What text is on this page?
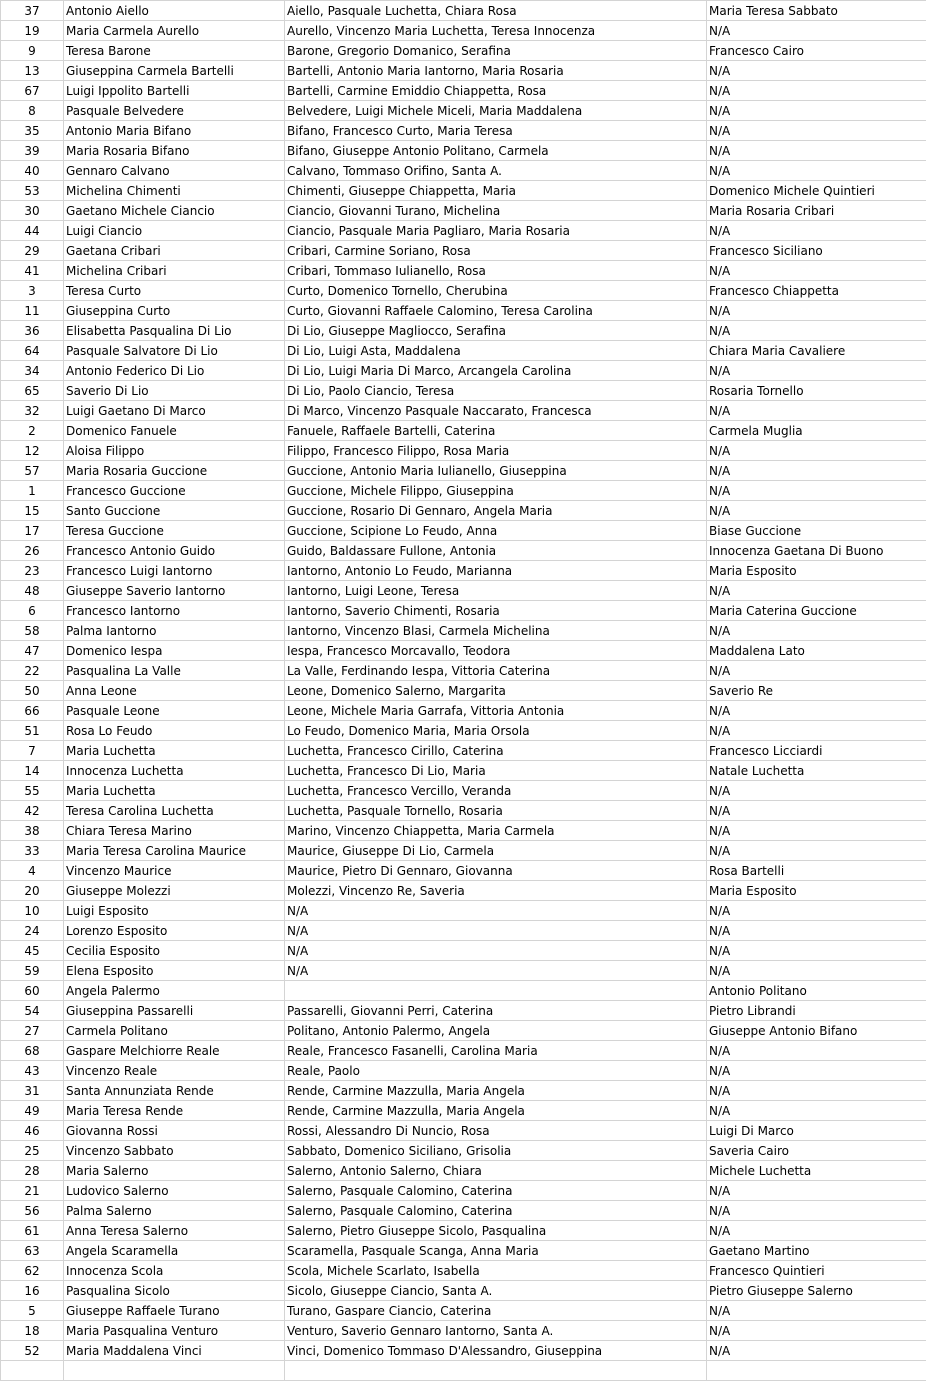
37	Antonio Aiello	Aiello, Pasquale Luchetta, Chiara Rosa	Maria Teresa Sabbato
19	Maria Carmela Aurello	Aurello, Vincenzo Maria Luchetta, Teresa Innocenza	N/A
9	Teresa Barone	Barone, Gregorio Domanico, Serafina	Francesco Cairo
13	Giuseppina Carmela Bartelli	Bartelli, Antonio Maria Iantorno, Maria Rosaria	N/A
67	Luigi Ippolito Bartelli	Bartelli, Carmine Emiddio Chiappetta, Rosa	N/A
8	Pasquale Belvedere	Belvedere, Luigi Michele Miceli, Maria Maddalena	N/A
35	Antonio Maria Bifano	Bifano, Francesco Curto, Maria Teresa	N/A
39	Maria Rosaria Bifano	Bifano, Giuseppe Antonio Politano, Carmela	N/A
40	Gennaro Calvano	Calvano, Tommaso Orifino, Santa A.	N/A
53	Michelina Chimenti	Chimenti, Giuseppe Chiappetta, Maria	Domenico Michele Quintieri
30	Gaetano Michele Ciancio	Ciancio, Giovanni Turano, Michelina	Maria Rosaria Cribari
44	Luigi Ciancio	Ciancio, Pasquale Maria Pagliaro, Maria Rosaria	N/A
29	Gaetana Cribari	Cribari, Carmine Soriano, Rosa	Francesco Siciliano
41	Michelina Cribari	Cribari, Tommaso Iulianello, Rosa	N/A
3	Teresa Curto	Curto, Domenico Tornello, Cherubina	Francesco Chiappetta
11	Giuseppina Curto	Curto, Giovanni Raffaele Calomino, Teresa Carolina	N/A
36	Elisabetta Pasqualina Di Lio	Di Lio, Giuseppe Magliocco, Serafina	N/A
64	Pasquale Salvatore Di Lio	Di Lio, Luigi Asta, Maddalena	Chiara Maria Cavaliere
34	Antonio Federico Di Lio	Di Lio, Luigi Maria Di Marco, Arcangela Carolina	N/A
65	Saverio Di Lio	Di Lio, Paolo Ciancio, Teresa	Rosaria Tornello
32	Luigi Gaetano Di Marco	Di Marco, Vincenzo Pasquale Naccarato, Francesca	N/A
2	Domenico Fanuele	Fanuele, Raffaele Bartelli, Caterina	Carmela Muglia
12	Aloisa Filippo	Filippo, Francesco Filippo, Rosa Maria	N/A
57	Maria Rosaria Guccione	Guccione, Antonio Maria Iulianello, Giuseppina	N/A
1	Francesco Guccione	Guccione, Michele Filippo, Giuseppina	N/A
15	Santo Guccione	Guccione, Rosario Di Gennaro, Angela Maria	N/A
17	Teresa Guccione	Guccione, Scipione Lo Feudo, Anna	Biase Guccione
26	Francesco Antonio Guido	Guido, Baldassare Fullone, Antonia	Innocenza Gaetana Di Buono
23	Francesco Luigi Iantorno	Iantorno, Antonio Lo Feudo, Marianna	Maria Esposito
48	Giuseppe Saverio Iantorno	Iantorno, Luigi Leone, Teresa	N/A
6	Francesco Iantorno	Iantorno, Saverio Chimenti, Rosaria	Maria Caterina Guccione
58	Palma Iantorno	Iantorno, Vincenzo Blasi, Carmela Michelina	N/A
47	Domenico Iespa	Iespa, Francesco Morcavallo, Teodora	Maddalena Lato
22	Pasqualina La Valle	La Valle, Ferdinando Iespa, Vittoria Caterina	N/A
50	Anna Leone	Leone, Domenico Salerno, Margarita	Saverio Re
66	Pasquale Leone	Leone, Michele Maria Garrafa, Vittoria Antonia	N/A
51	Rosa Lo Feudo	Lo Feudo, Domenico Maria, Maria Orsola	N/A
7	Maria Luchetta	Luchetta, Francesco Cirillo, Caterina	Francesco Licciardi
14	Innocenza Luchetta	Luchetta, Francesco Di Lio, Maria	Natale Luchetta
55	Maria Luchetta	Luchetta, Francesco Vercillo, Veranda	N/A
42	Teresa Carolina Luchetta	Luchetta, Pasquale Tornello, Rosaria	N/A
38	Chiara Teresa Marino	Marino, Vincenzo Chiappetta, Maria Carmela	N/A
33	Maria Teresa Carolina Maurice	Maurice, Giuseppe Di Lio, Carmela	N/A
4	Vincenzo Maurice	Maurice, Pietro Di Gennaro, Giovanna	Rosa Bartelli
20	Giuseppe Molezzi	Molezzi, Vincenzo Re, Saveria	Maria Esposito
10	Luigi Esposito	N/A	N/A
24	Lorenzo Esposito	N/A	N/A
45	Cecilia Esposito	N/A	N/A
59	Elena Esposito	N/A	N/A
60	Angela Palermo		Antonio Politano
54	Giuseppina Passarelli	Passarelli, Giovanni Perri, Caterina	Pietro Librandi
27	Carmela Politano	Politano, Antonio Palermo, Angela	Giuseppe Antonio Bifano
68	Gaspare Melchiorre Reale	Reale, Francesco Fasanelli, Carolina Maria	N/A
43	Vincenzo Reale	Reale, Paolo	N/A
31	Santa Annunziata Rende	Rende, Carmine Mazzulla, Maria Angela	N/A
49	Maria Teresa Rende	Rende, Carmine Mazzulla, Maria Angela	N/A
46	Giovanna Rossi	Rossi, Alessandro Di Nuncio, Rosa	Luigi Di Marco
25	Vincenzo Sabbato	Sabbato, Domenico Siciliano, Grisolia	Saveria Cairo
28	Maria Salerno	Salerno, Antonio Salerno, Chiara	Michele Luchetta
21	Ludovico Salerno	Salerno, Pasquale Calomino, Caterina	N/A
56	Palma Salerno	Salerno, Pasquale Calomino, Caterina	N/A
61	Anna Teresa Salerno	Salerno, Pietro Giuseppe Sicolo, Pasqualina	N/A
63	Angela Scaramella	Scaramella, Pasquale Scanga, Anna Maria	Gaetano Martino
62	Innocenza Scola	Scola, Michele Scarlato, Isabella	Francesco Quintieri
16	Pasqualina Sicolo	Sicolo, Giuseppe Ciancio, Santa A.	Pietro Giuseppe Salerno
5	Giuseppe Raffaele Turano	Turano, Gaspare Ciancio, Caterina	N/A
18	Maria Pasqualina Venturo	Venturo, Saverio Gennaro Iantorno, Santa A.	N/A
52	Maria Maddalena Vinci	Vinci, Domenico Tommaso D'Alessandro, Giuseppina	N/A
